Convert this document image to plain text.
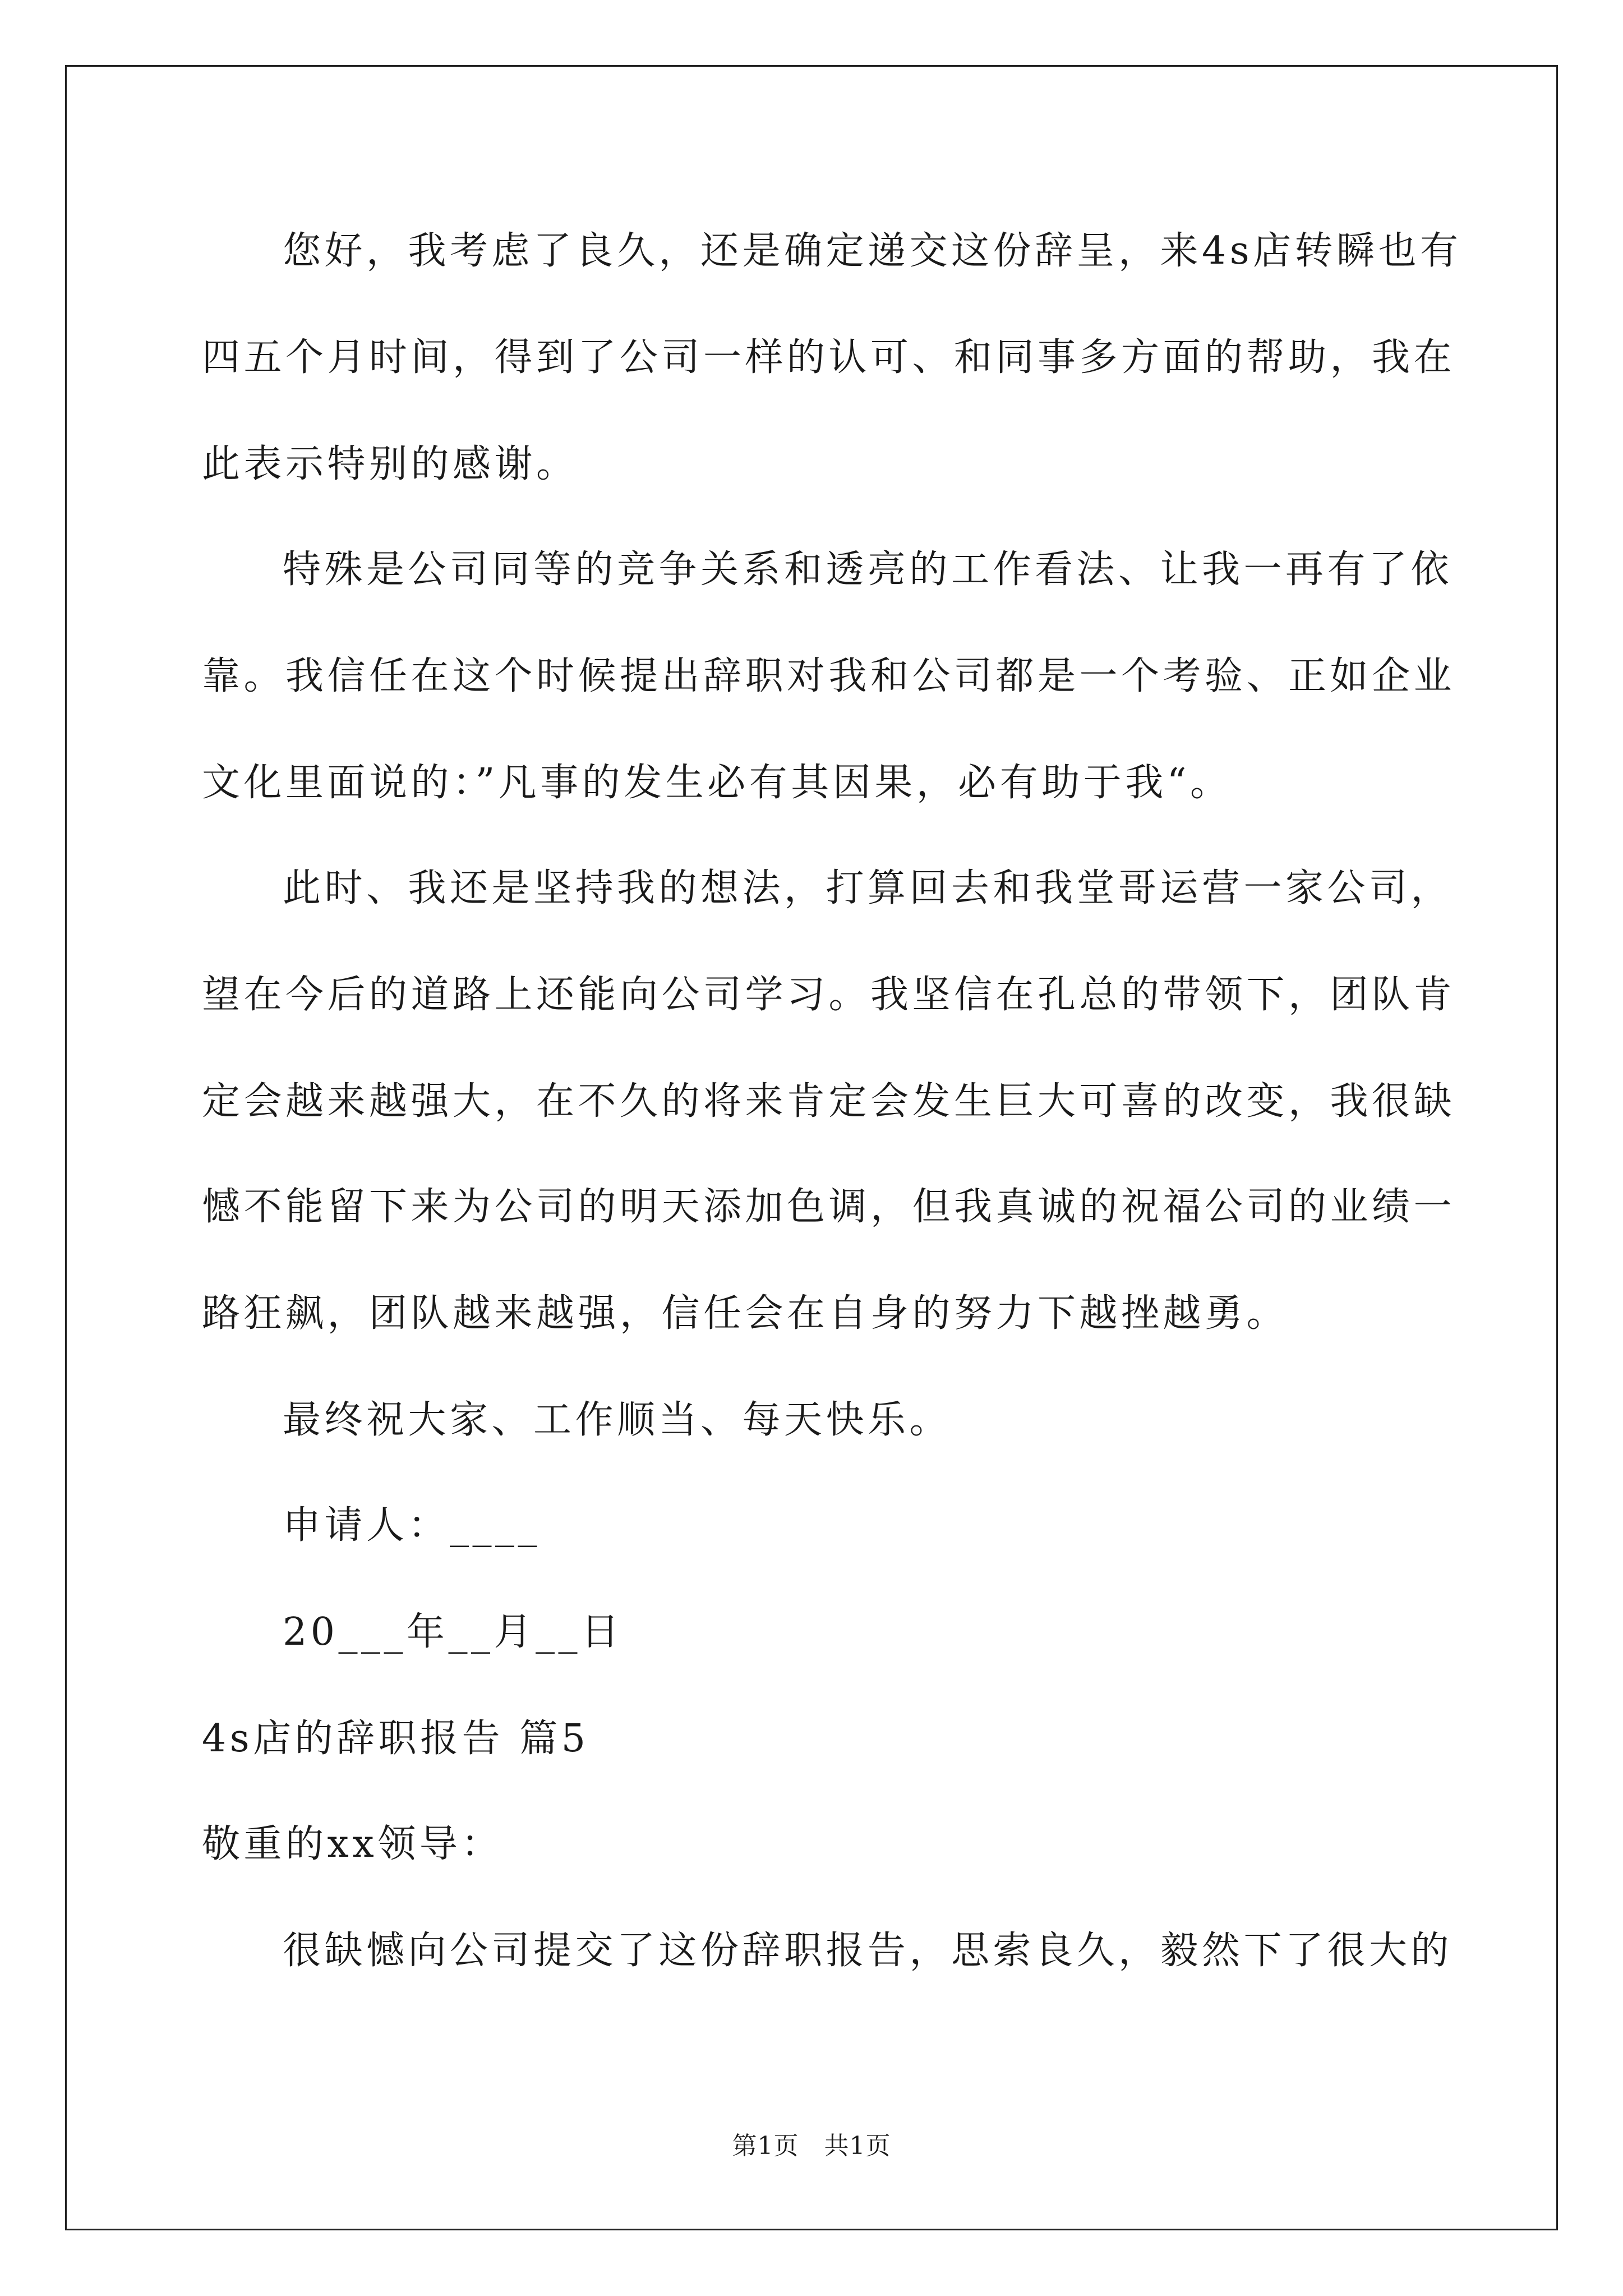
您好，我考虑了良久，还是确定递交这份辞呈，来4s店转瞬也有
四五个月时间，得到了公司一样的认可、和同事多方面的帮助，我在
此表示特别的感谢。
特殊是公司同等的竞争关系和透亮的工作看法、让我一再有了依
靠。我信任在这个时候提出辞职对我和公司都是一个考验、正如企业
文化里面说的：”凡事的发生必有其因果，必有助于我“。
此时、我还是坚持我的想法，打算回去和我堂哥运营一家公司，
望在今后的道路上还能向公司学习。我坚信在孔总的带领下，团队肯
定会越来越强大，在不久的将来肯定会发生巨大可喜的改变，我很缺
憾不能留下来为公司的明天添加色调，但我真诚的祝福公司的业绩一
路狂飙，团队越来越强，信任会在自身的努力下越挫越勇。
最终祝大家、工作顺当、每天快乐。
申请人：____
20___年__月__日
4s店的辞职报告 篇5
敬重的xx领导：
很缺憾向公司提交了这份辞职报告，思索良久，毅然下了很大的
第1页　共1页
